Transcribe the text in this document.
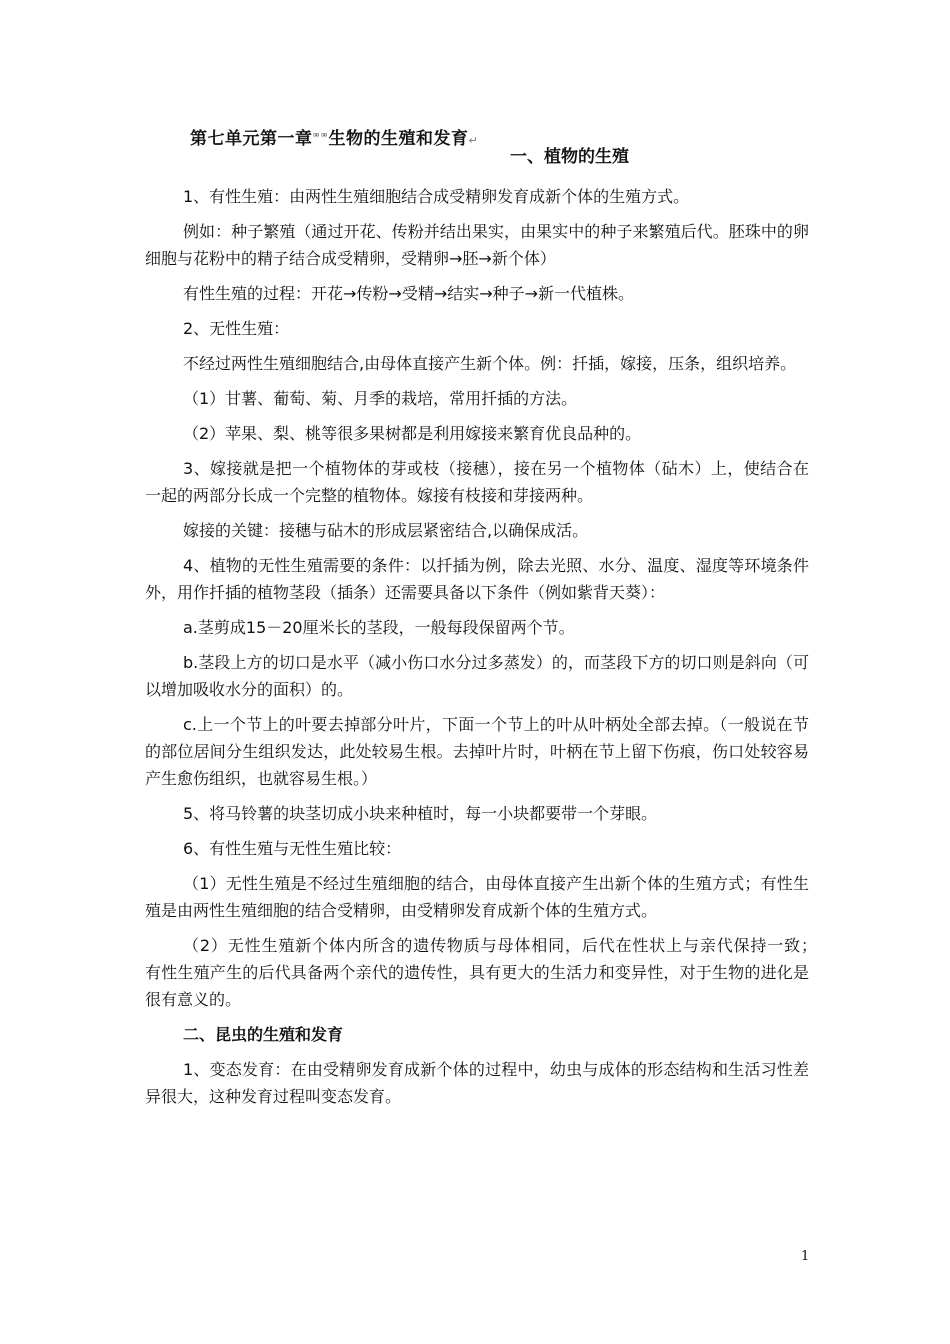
第七单元第一章∞∞生物的生殖和发育↵
一、植物的生殖

1、有性生殖：由两性生殖细胞结合成受精卵发育成新个体的生殖方式。

例如：种子繁殖（通过开花、传粉并结出果实，由果实中的种子来繁殖后代。胚珠中的卵细胞与花粉中的精子结合成受精卵，受精卵→胚→新个体）

有性生殖的过程：开花→传粉→受精→结实→种子→新一代植株。

2、无性生殖：

不经过两性生殖细胞结合,由母体直接产生新个体。例：扦插，嫁接，压条，组织培养。

（1）甘薯、葡萄、菊、月季的栽培，常用扦插的方法。

（2）苹果、梨、桃等很多果树都是利用嫁接来繁育优良品种的。

3、嫁接就是把一个植物体的芽或枝（接穗），接在另一个植物体（砧木）上，使结合在一起的两部分长成一个完整的植物体。嫁接有枝接和芽接两种。

嫁接的关键：接穗与砧木的形成层紧密结合,以确保成活。

4、植物的无性生殖需要的条件：以扦插为例，除去光照、水分、温度、湿度等环境条件外，用作扦插的植物茎段（插条）还需要具备以下条件（例如紫背天葵）：

a.茎剪成15－20厘米长的茎段，一般每段保留两个节。

b.茎段上方的切口是水平（减小伤口水分过多蒸发）的，而茎段下方的切口则是斜向（可以增加吸收水分的面积）的。

c.上一个节上的叶要去掉部分叶片，下面一个节上的叶从叶柄处全部去掉。（一般说在节的部位居间分生组织发达，此处较易生根。去掉叶片时，叶柄在节上留下伤痕，伤口处较容易产生愈伤组织，也就容易生根。）

5、将马铃薯的块茎切成小块来种植时，每一小块都要带一个芽眼。

6、有性生殖与无性生殖比较：

（1）无性生殖是不经过生殖细胞的结合，由母体直接产生出新个体的生殖方式；有性生殖是由两性生殖细胞的结合受精卵，由受精卵发育成新个体的生殖方式。

（2）无性生殖新个体内所含的遗传物质与母体相同，后代在性状上与亲代保持一致；　有性生殖产生的后代具备两个亲代的遗传性，具有更大的生活力和变异性，对于生物的进化是很有意义的。

二、昆虫的生殖和发育

1、变态发育：在由受精卵发育成新个体的过程中，幼虫与成体的形态结构和生活习性差异很大，这种发育过程叫变态发育。

1
